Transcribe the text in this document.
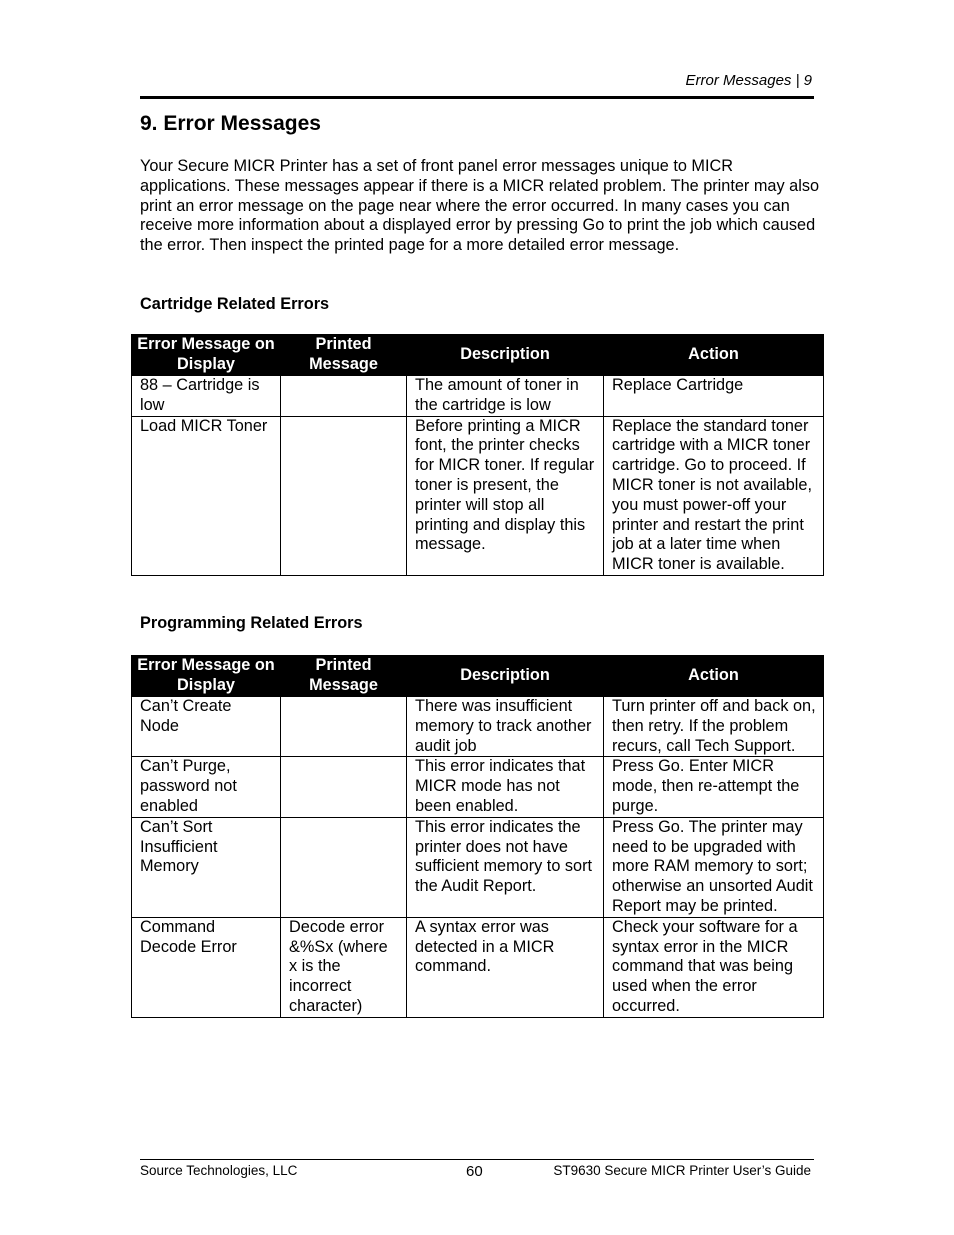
Error Messages | 9
9. Error Messages

Your Secure MICR Printer has a set of front panel error messages unique to MICR applications. These messages appear if there is a MICR related problem. The printer may also print an error message on the page near where the error occurred. In many cases you can receive more information about a displayed error by pressing Go to print the job which caused the error. Then inspect the printed page for a more detailed error message.

Cartridge Related Errors
Error Message on Display	Printed Message	Description	Action
88 – Cartridge is low		The amount of toner in the cartridge is low	Replace Cartridge
Load MICR Toner		Before printing a MICR font, the printer checks for MICR toner. If regular toner is present, the printer will stop all printing and display this message.	Replace the standard toner cartridge with a MICR toner cartridge. Go to proceed. If MICR toner is not available, you must power-off your printer and restart the print job at a later time when MICR toner is available.
Programming Related Errors
Error Message on Display	Printed Message	Description	Action
Can’t Create Node		There was insufficient memory to track another audit job	Turn printer off and back on, then retry. If the problem recurs, call Tech Support.
Can’t Purge, password not enabled		This error indicates that MICR mode has not been enabled.	Press Go. Enter MICR mode, then re-attempt the purge.
Can’t Sort Insufficient Memory		This error indicates the printer does not have sufficient memory to sort the Audit Report.	Press Go. The printer may need to be upgraded with more RAM memory to sort; otherwise an unsorted Audit Report may be printed.
Command Decode Error	Decode error &%Sx (where x is the incorrect character)	A syntax error was detected in a MICR command.	Check your software for a syntax error in the MICR command that was being used when the error occurred.
Source Technologies, LLC	60	ST9630 Secure MICR Printer User’s Guide
